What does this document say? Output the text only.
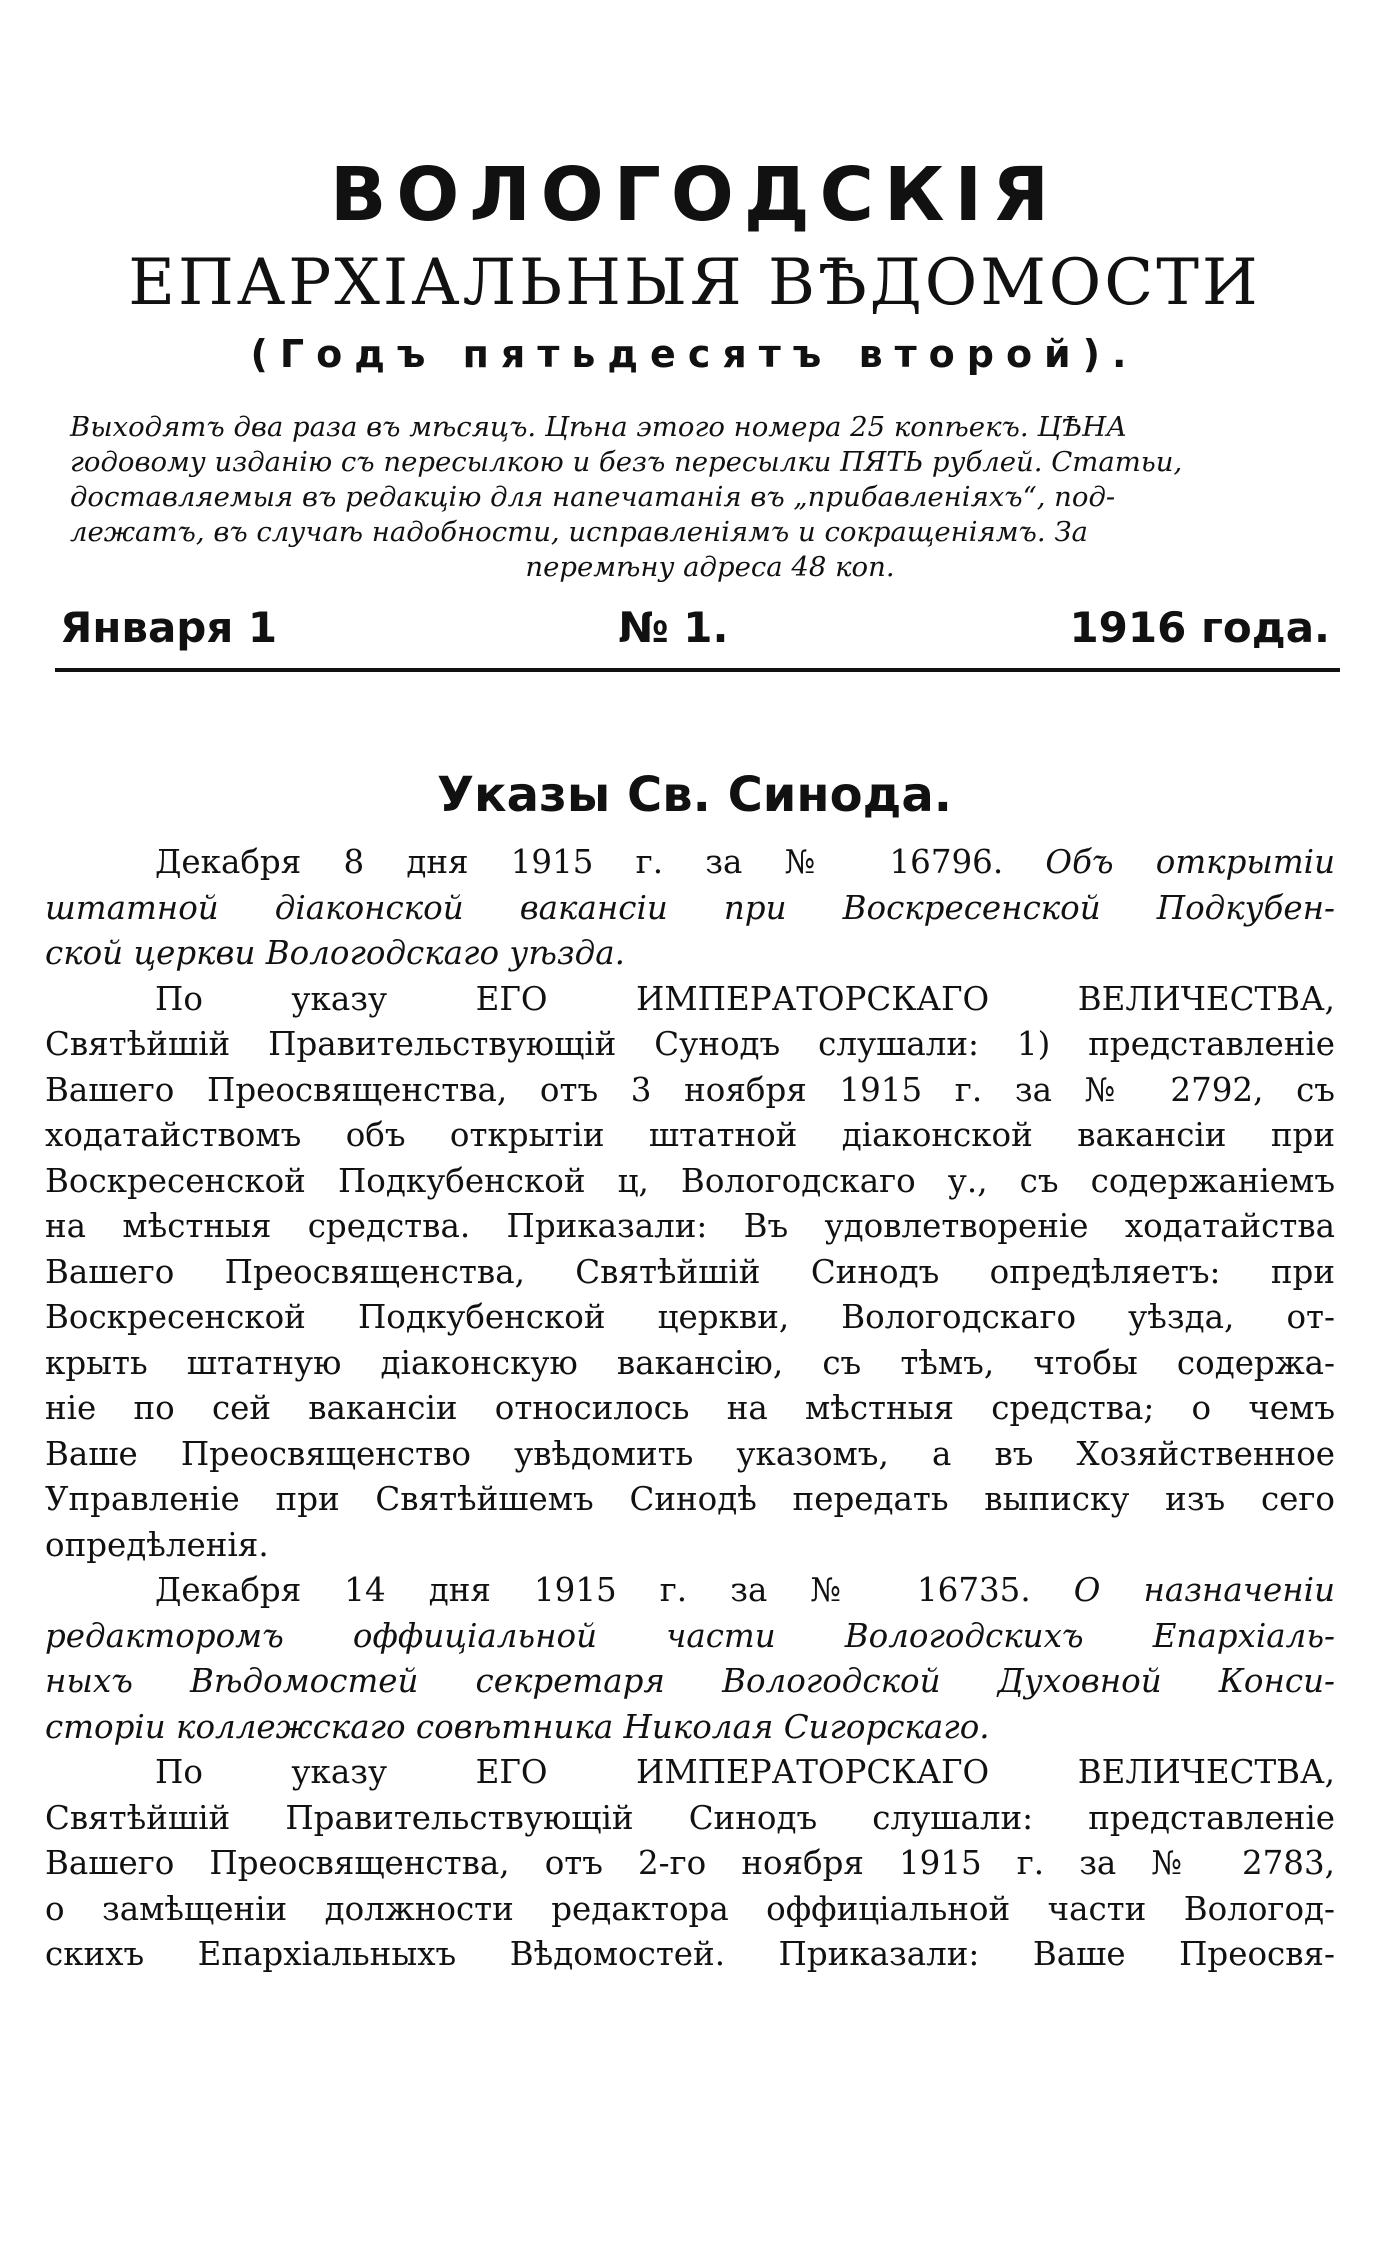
ВОЛОГОДСКІЯ
ЕПАРХІАЛЬНЫЯ ВѢДОМОСТИ
(Годъ пятьдесятъ второй).
Выходятъ два раза въ мѣсяцъ. Цѣна этого номера 25 копѣекъ. ЦѢНА
годовому изданію съ пересылкою и безъ пересылки ПЯТЬ рублей. Статьи,
доставляемыя въ редакцію для напечатанія въ „прибавленіяхъ“, под-
лежатъ, въ случаѣ надобности, исправленіямъ и сокращеніямъ. За
перемѣну адреса 48 коп.
Января 1	№ 1.	1916 года.
Указы Св. Синода.
Декабря 8 дня 1915 г. за № 16796. Объ открытіи
штатной діаконской вакансіи при Воскресенской Подкубен-
ской церкви Вологодскаго уѣзда.
По указу ЕГО ИМПЕРАТОРСКАГО ВЕЛИЧЕСТВА,
Святѣйшій Правительствующій Сунодъ слушали: 1) представленіе
Вашего Преосвященства, отъ 3 ноября 1915 г. за № 2792, съ
ходатайствомъ объ открытіи штатной діаконской вакансіи при
Воскресенской Подкубенской ц, Вологодскаго у., съ содержаніемъ
на мѣстныя средства. Приказали: Въ удовлетвореніе ходатайства
Вашего Преосвященства, Святѣйшій Синодъ опредѣляетъ: при
Воскресенской Подкубенской церкви, Вологодскаго уѣзда, от-
крыть штатную діаконскую вакансію, съ тѣмъ, чтобы содержа-
ніе по сей вакансіи относилось на мѣстныя средства; о чемъ
Ваше Преосвященство увѣдомить указомъ, а въ Хозяйственное
Управленіе при Святѣйшемъ Синодѣ передать выписку изъ сего
опредѣленія.
Декабря 14 дня 1915 г. за № 16735. О назначеніи
редакторомъ оффиціальной части Вологодскихъ Епархіаль-
ныхъ Вѣдомостей секретаря Вологодской Духовной Конси-
сторіи коллежскаго совѣтника Николая Сигорскаго.
По указу ЕГО ИМПЕРАТОРСКАГО ВЕЛИЧЕСТВА,
Святѣйшій Правительствующій Синодъ слушали: представленіе
Вашего Преосвященства, отъ 2-го ноября 1915 г. за № 2783,
о замѣщеніи должности редактора оффиціальной части Вологод-
скихъ Епархіальныхъ Вѣдомостей. Приказали: Ваше Преосвя-
